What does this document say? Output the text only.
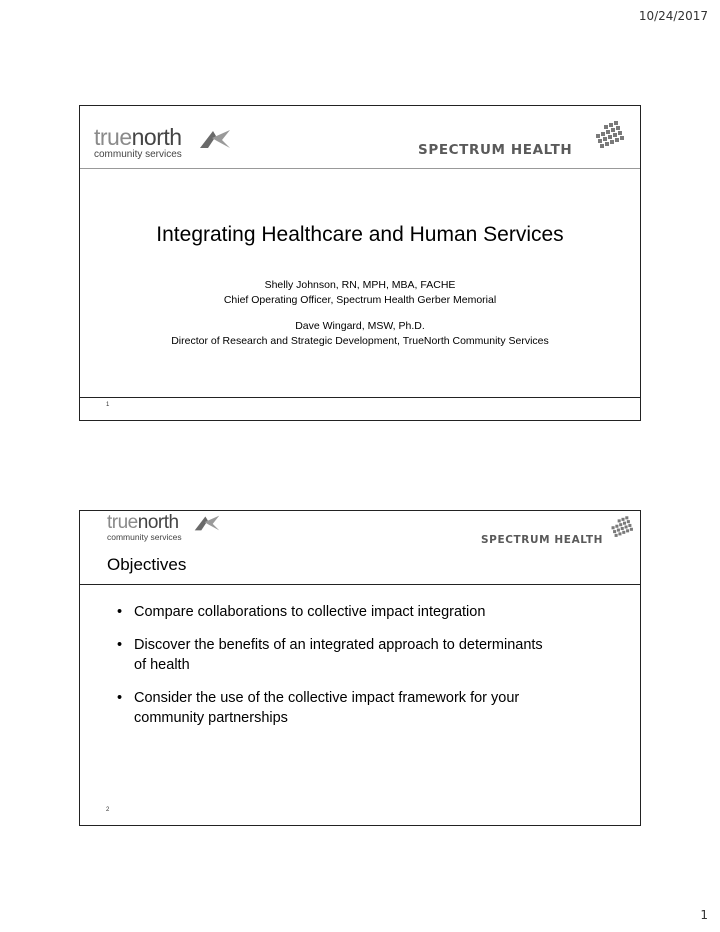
10/24/2017
truenorth
community services	SPECTRUM HEALTH
Integrating Healthcare and Human Services
Shelly Johnson, RN, MPH, MBA, FACHE
Chief Operating Officer, Spectrum Health Gerber Memorial
Dave Wingard, MSW, Ph.D.
Director of Research and Strategic Development, TrueNorth Community Services
1
truenorth
community services	SPECTRUM HEALTH
Objectives
• Compare collaborations to collective impact integration
• Discover the benefits of an integrated approach to determinants
of health
• Consider the use of the collective impact framework for your
community partnerships
2
1
